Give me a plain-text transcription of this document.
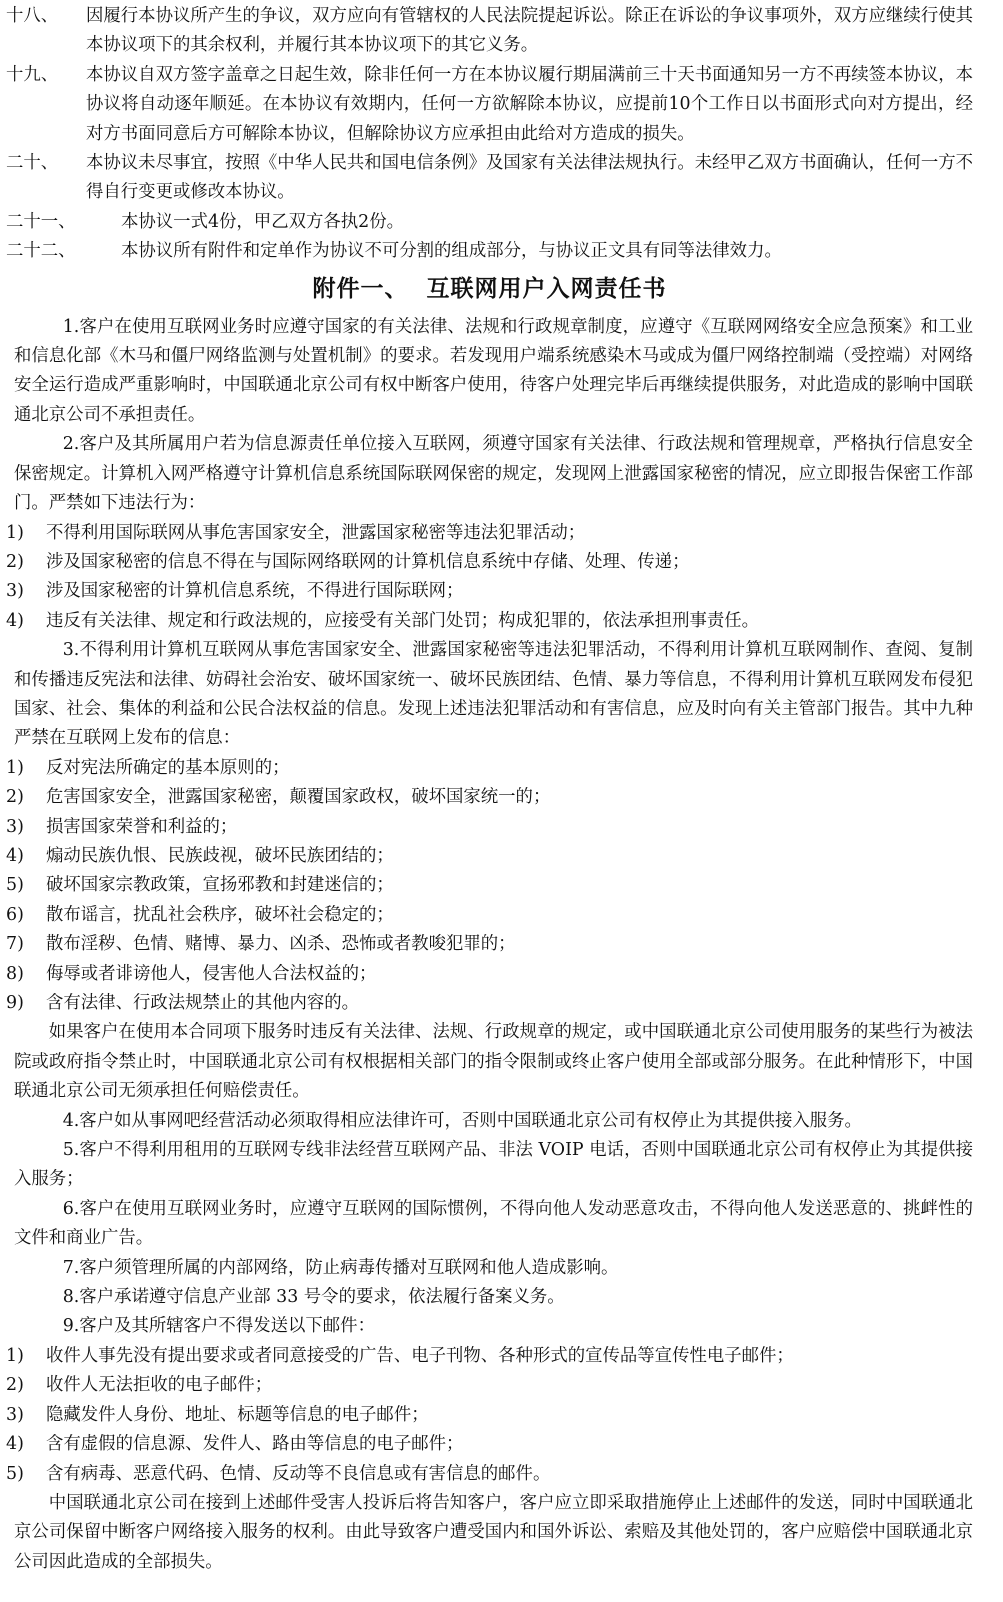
十八、	因履行本协议所产生的争议，双方应向有管辖权的人民法院提起诉讼。除正在诉讼的争议事项外，双方应继续行使其本协议项下的其余权利，并履行其本协议项下的其它义务。
十九、	本协议自双方签字盖章之日起生效，除非任何一方在本协议履行期届满前三十天书面通知另一方不再续签本协议，本协议将自动逐年顺延。在本协议有效期内，任何一方欲解除本协议，应提前10个工作日以书面形式向对方提出，经对方书面同意后方可解除本协议，但解除协议方应承担由此给对方造成的损失。
二十、	本协议未尽事宜，按照《中华人民共和国电信条例》及国家有关法律法规执行。未经甲乙双方书面确认，任何一方不得自行变更或修改本协议。
二十一、	本协议一式4份，甲乙双方各执2份。
二十二、	本协议所有附件和定单作为协议不可分割的组成部分，与协议正文具有同等法律效力。
附件一、  互联网用户入网责任书
1.客户在使用互联网业务时应遵守国家的有关法律、法规和行政规章制度，应遵守《互联网网络安全应急预案》和工业和信息化部《木马和僵尸网络监测与处置机制》的要求。若发现用户端系统感染木马或成为僵尸网络控制端（受控端）对网络安全运行造成严重影响时，中国联通北京公司有权中断客户使用，待客户处理完毕后再继续提供服务，对此造成的影响中国联通北京公司不承担责任。
2.客户及其所属用户若为信息源责任单位接入互联网，须遵守国家有关法律、行政法规和管理规章，严格执行信息安全保密规定。计算机入网严格遵守计算机信息系统国际联网保密的规定，发现网上泄露国家秘密的情况，应立即报告保密工作部门。严禁如下违法行为：
1)	不得利用国际联网从事危害国家安全，泄露国家秘密等违法犯罪活动；
2)	涉及国家秘密的信息不得在与国际网络联网的计算机信息系统中存储、处理、传递；
3)	涉及国家秘密的计算机信息系统，不得进行国际联网；
4)	违反有关法律、规定和行政法规的，应接受有关部门处罚；构成犯罪的，依法承担刑事责任。
3.不得利用计算机互联网从事危害国家安全、泄露国家秘密等违法犯罪活动，不得利用计算机互联网制作、查阅、复制和传播违反宪法和法律、妨碍社会治安、破坏国家统一、破坏民族团结、色情、暴力等信息，不得利用计算机互联网发布侵犯国家、社会、集体的利益和公民合法权益的信息。发现上述违法犯罪活动和有害信息，应及时向有关主管部门报告。其中九种严禁在互联网上发布的信息：
1)	反对宪法所确定的基本原则的；
2)	危害国家安全，泄露国家秘密，颠覆国家政权，破坏国家统一的；
3)	损害国家荣誉和利益的；
4)	煽动民族仇恨、民族歧视，破坏民族团结的；
5)	破坏国家宗教政策，宣扬邪教和封建迷信的；
6)	散布谣言，扰乱社会秩序，破坏社会稳定的；
7)	散布淫秽、色情、赌博、暴力、凶杀、恐怖或者教唆犯罪的；
8)	侮辱或者诽谤他人，侵害他人合法权益的；
9)	含有法律、行政法规禁止的其他内容的。
如果客户在使用本合同项下服务时违反有关法律、法规、行政规章的规定，或中国联通北京公司使用服务的某些行为被法院或政府指令禁止时，中国联通北京公司有权根据相关部门的指令限制或终止客户使用全部或部分服务。在此种情形下，中国联通北京公司无须承担任何赔偿责任。
4.客户如从事网吧经营活动必须取得相应法律许可，否则中国联通北京公司有权停止为其提供接入服务。
5.客户不得利用租用的互联网专线非法经营互联网产品、非法 VOIP 电话，否则中国联通北京公司有权停止为其提供接入服务；
6.客户在使用互联网业务时，应遵守互联网的国际惯例，不得向他人发动恶意攻击，不得向他人发送恶意的、挑衅性的文件和商业广告。
7.客户须管理所属的内部网络，防止病毒传播对互联网和他人造成影响。
8.客户承诺遵守信息产业部 33 号令的要求，依法履行备案义务。
9.客户及其所辖客户不得发送以下邮件：
1)	收件人事先没有提出要求或者同意接受的广告、电子刊物、各种形式的宣传品等宣传性电子邮件；
2)	收件人无法拒收的电子邮件；
3)	隐藏发件人身份、地址、标题等信息的电子邮件；
4)	含有虚假的信息源、发件人、路由等信息的电子邮件；
5)	含有病毒、恶意代码、色情、反动等不良信息或有害信息的邮件。
中国联通北京公司在接到上述邮件受害人投诉后将告知客户，客户应立即采取措施停止上述邮件的发送，同时中国联通北京公司保留中断客户网络接入服务的权利。由此导致客户遭受国内和国外诉讼、索赔及其他处罚的，客户应赔偿中国联通北京公司因此造成的全部损失。
